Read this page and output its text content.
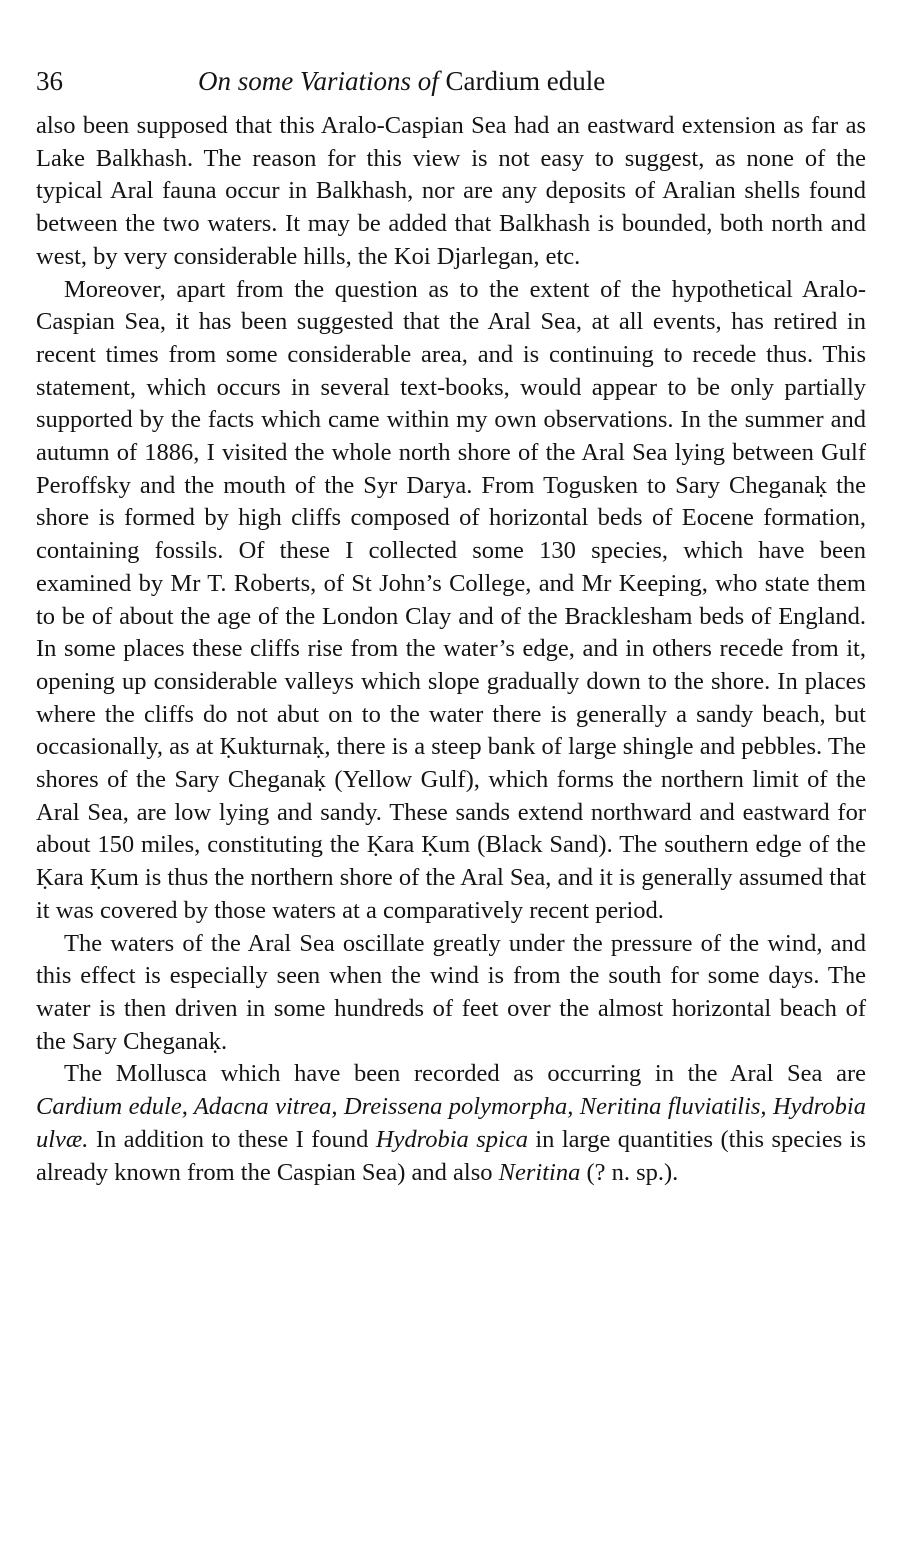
36	On some Variations of Cardium edule

also been supposed that this Aralo-Caspian Sea had an eastward extension as far as Lake Balkhash. The reason for this view is not easy to suggest, as none of the typical Aral fauna occur in Balkhash, nor are any deposits of Aralian shells found between the two waters. It may be added that Balkhash is bounded, both north and west, by very considerable hills, the Koi Djarlegan, etc.

Moreover, apart from the question as to the extent of the hypothetical Aralo-Caspian Sea, it has been suggested that the Aral Sea, at all events, has retired in recent times from some considerable area, and is continuing to recede thus. This statement, which occurs in several text-books, would appear to be only partially supported by the facts which came within my own observations. In the summer and autumn of 1886, I visited the whole north shore of the Aral Sea lying between Gulf Peroffsky and the mouth of the Syr Darya. From Togusken to Sary Cheganaḳ the shore is formed by high cliffs composed of horizontal beds of Eocene formation, containing fossils. Of these I collected some 130 species, which have been examined by Mr T. Roberts, of St John’s College, and Mr Keeping, who state them to be of about the age of the London Clay and of the Bracklesham beds of England. In some places these cliffs rise from the water’s edge, and in others recede from it, opening up considerable valleys which slope gradually down to the shore. In places where the cliffs do not abut on to the water there is generally a sandy beach, but occasionally, as at Ḳukturnaḳ, there is a steep bank of large shingle and pebbles. The shores of the Sary Cheganaḳ (Yellow Gulf), which forms the northern limit of the Aral Sea, are low lying and sandy. These sands extend northward and eastward for about 150 miles, constituting the Ḳara Ḳum (Black Sand). The southern edge of the Ḳara Ḳum is thus the northern shore of the Aral Sea, and it is generally assumed that it was covered by those waters at a comparatively recent period.

The waters of the Aral Sea oscillate greatly under the pressure of the wind, and this effect is especially seen when the wind is from the south for some days. The water is then driven in some hundreds of feet over the almost horizontal beach of the Sary Cheganaḳ.

The Mollusca which have been recorded as occurring in the Aral Sea are Cardium edule, Adacna vitrea, Dreissena polymorpha, Neritina fluviatilis, Hydrobia ulvæ. In addition to these I found Hydrobia spica in large quantities (this species is already known from the Caspian Sea) and also Neritina (? n. sp.).
